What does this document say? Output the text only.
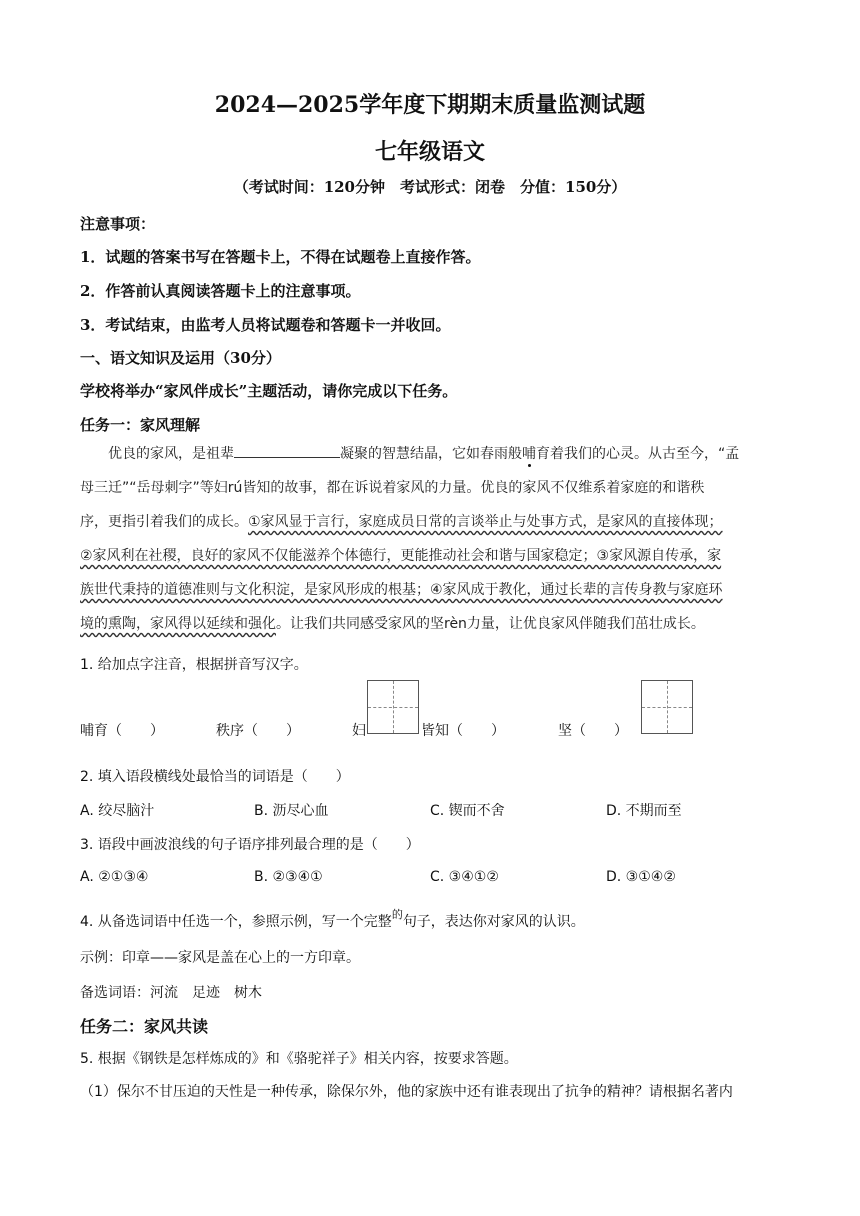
2024—2025学年度下期期末质量监测试题
七年级语文
（考试时间：120分钟　考试形式：闭卷　分值：150分）
注意事项：
1．试题的答案书写在答题卡上，不得在试题卷上直接作答。
2．作答前认真阅读答题卡上的注意事项。
3．考试结束，由监考人员将试题卷和答题卡一并收回。
一、语文知识及运用（30分）
学校将举办“家风伴成长”主题活动，请你完成以下任务。
任务一：家风理解

　　优良的家风，是祖辈	凝聚的智慧结晶，它如春雨般哺育着我们的心灵。从古至今，“孟

母三迁”“岳母刺字”等妇rú皆知的故事，都在诉说着家风的力量。优良的家风不仅维系着家庭的和谐秩

序，更指引着我们的成长。①家风显于言行，家庭成员日常的言谈举止与处事方式，是家风的直接体现；

②家风利在社稷，良好的家风不仅能滋养个体德行，更能推动社会和谐与国家稳定；③家风源自传承，家

族世代秉持的道德准则与文化积淀，是家风形成的根基；④家风成于教化，通过长辈的言传身教与家庭环

境的熏陶，家风得以延续和强化。让我们共同感受家风的坚rèn力量，让优良家风伴随我们茁壮成长。

1. 给加点字注音，根据拼音写汉字。
哺育（　　）	秩序（　　）	妇	皆知（　　）	坚（　　）
2. 填入语段横线处最恰当的词语是（　　）
A. 绞尽脑汁	B. 沥尽心血	C. 锲而不舍	D. 不期而至
3. 语段中画波浪线的句子语序排列最合理的是（　　）
A. ②①③④	B. ②③④①	C. ③④①②	D. ③①④②
4. 从备选词语中任选一个，参照示例，写一个完整$^的$句子，表达你对家风的认识。
示例：印章——家风是盖在心上的一方印章。
备选词语：河流　足迹　树木
任务二：家风共读
5. 根据《钢铁是怎样炼成的》和《骆驼祥子》相关内容，按要求答题。
（1）保尔不甘压迫的天性是一种传承，除保尔外，他的家族中还有谁表现出了抗争的精神？请根据名著内
